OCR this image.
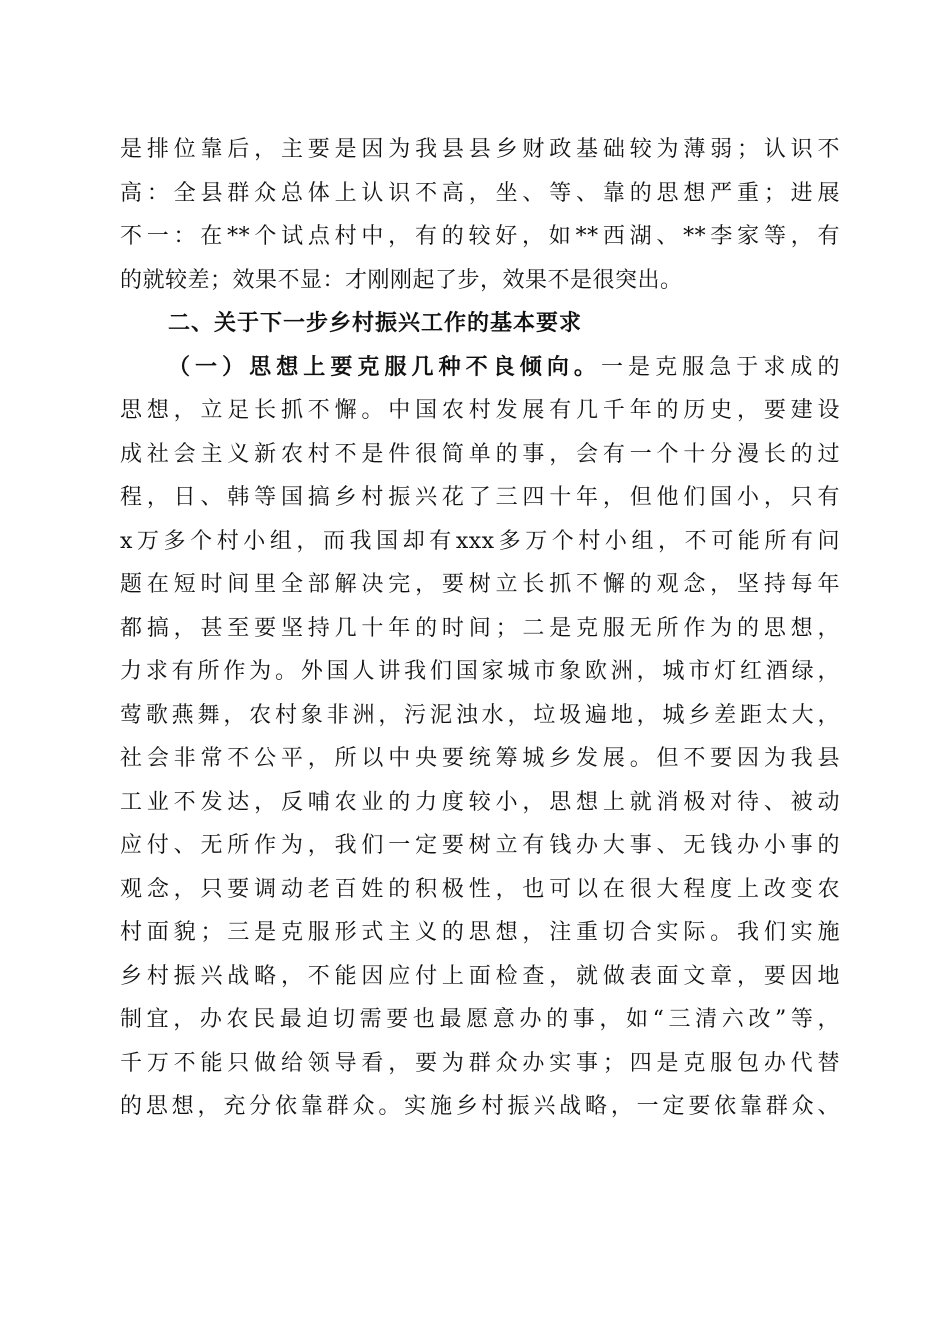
是排位靠后，主要是因为我县县乡财政基础较为薄弱；认识不
高：全县群众总体上认识不高，坐、等、靠的思想严重；进展
不一：在**个试点村中，有的较好，如**西湖、**李家等，有
的就较差；效果不显：才刚刚起了步，效果不是很突出。
二、关于下一步乡村振兴工作的基本要求
（一）思想上要克服几种不良倾向。一是克服急于求成的
思想，立足长抓不懈。中国农村发展有几千年的历史，要建设
成社会主义新农村不是件很简单的事，会有一个十分漫长的过
程，日、韩等国搞乡村振兴花了三四十年，但他们国小，只有
x万多个村小组，而我国却有xxx多万个村小组，不可能所有问
题在短时间里全部解决完，要树立长抓不懈的观念，坚持每年
都搞，甚至要坚持几十年的时间；二是克服无所作为的思想，
力求有所作为。外国人讲我们国家城市象欧洲，城市灯红酒绿，
莺歌燕舞，农村象非洲，污泥浊水，垃圾遍地，城乡差距太大，
社会非常不公平，所以中央要统筹城乡发展。但不要因为我县
工业不发达，反哺农业的力度较小，思想上就消极对待、被动
应付、无所作为，我们一定要树立有钱办大事、无钱办小事的
观念，只要调动老百姓的积极性，也可以在很大程度上改变农
村面貌；三是克服形式主义的思想，注重切合实际。我们实施
乡村振兴战略，不能因应付上面检查，就做表面文章，要因地
制宜，办农民最迫切需要也最愿意办的事，如“三清六改”等，
千万不能只做给领导看，要为群众办实事；四是克服包办代替
的思想，充分依靠群众。实施乡村振兴战略，一定要依靠群众、
